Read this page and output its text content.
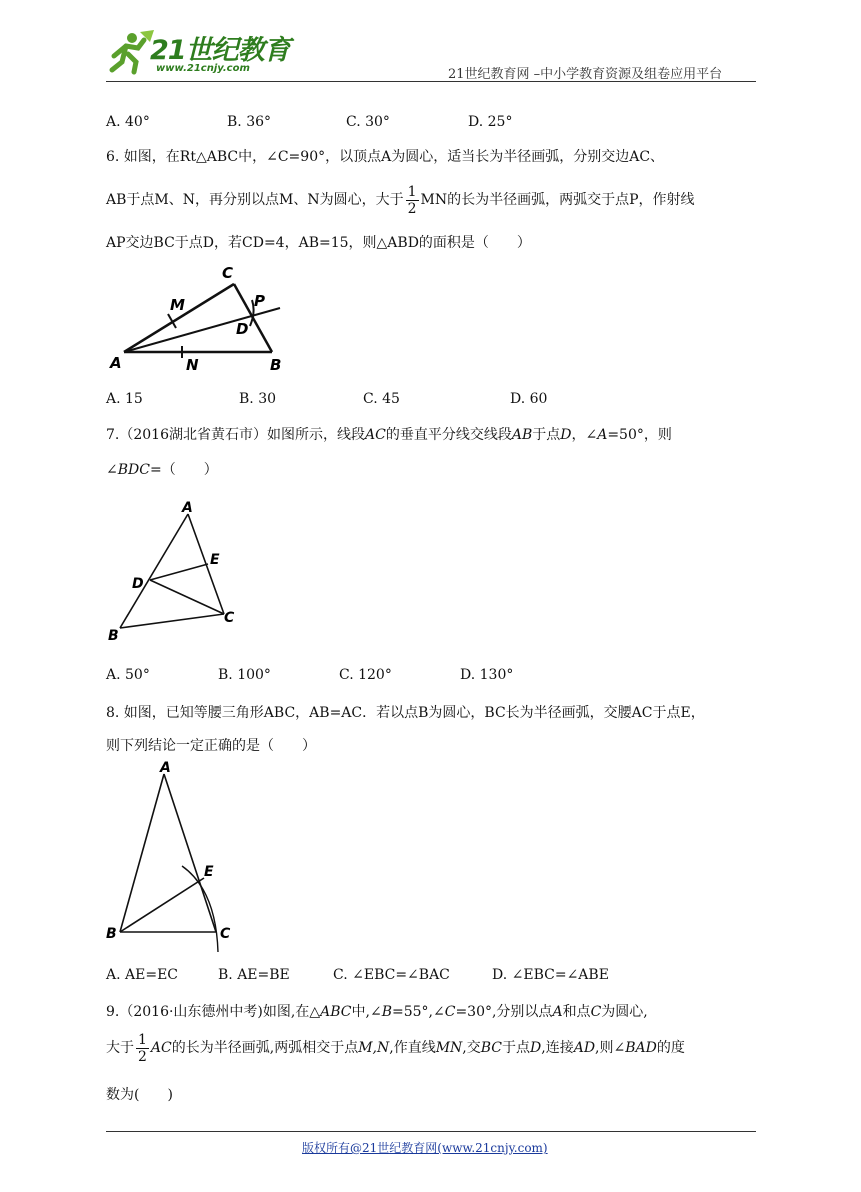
21世纪教育
www.21cnjy.com	21世纪教育网 –中小学教育资源及组卷应用平台
A. 40°	B. 36°	C. 30°	D. 25°
6. 如图，在Rt△ABC中，∠C=90°，以顶点A为圆心，适当长为半径画弧，分别交边AC、
AB于点M、N，再分别以点M、N为圆心，大于 $\frac{1}{2}$ MN的长为半径画弧，两弧交于点P，作射线
AP交边BC于点D，若CD=4，AB=15，则△ABD的面积是（　　）
C
M	P
D
A	N	B
A. 15	B. 30	C. 45	D. 60
7.（2016湖北省黄石市）如图所示，线段AC的垂直平分线交线段AB于点D，∠A=50°，则
∠BDC=（　　）
A
E
D
C
B
A. 50°	B. 100°	C. 120°	D. 130°
8. 如图，已知等腰三角形ABC，AB=AC．若以点B为圆心，BC长为半径画弧，交腰AC于点E，
则下列结论一定正确的是（　　）
A
E
B	C
A. AE=EC	B. AE=BE	C. ∠EBC=∠BAC	D. ∠EBC=∠ABE
9.（2016·山东德州中考)如图,在△ABC中,∠B=55°,∠C=30°,分别以点A和点C为圆心,
大于 $\frac{1}{2}$ AC的长为半径画弧,两弧相交于点M,N,作直线MN,交BC于点D,连接AD,则∠BAD的度
数为(　　)
版权所有@21世纪教育网(www.21cnjy.com)
